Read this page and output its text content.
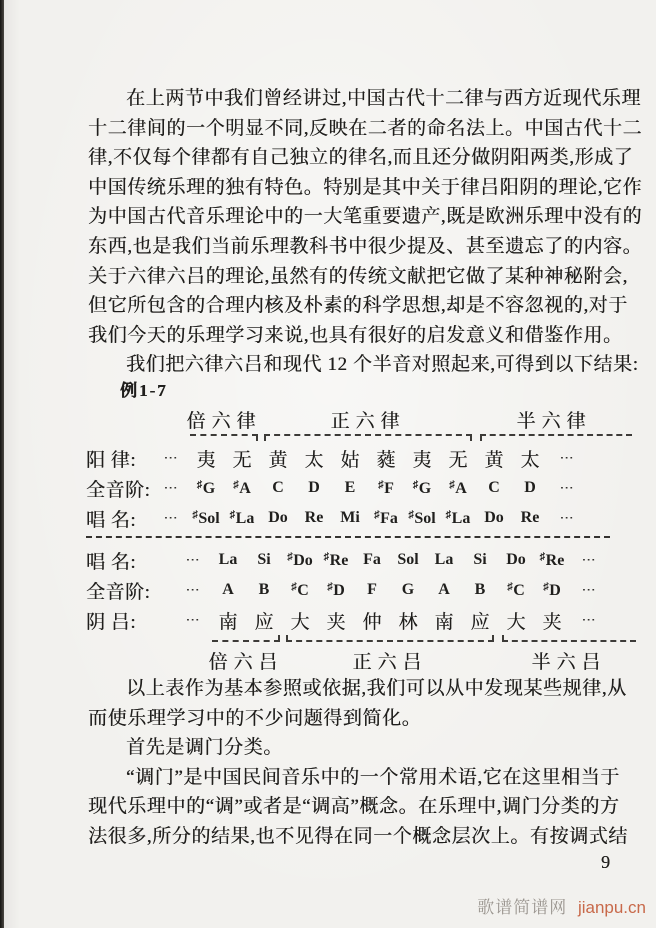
在上两节中我们曾经讲过,中国古代十二律与西方近现代乐理
十二律间的一个明显不同,反映在二者的命名法上。中国古代十二
律,不仅每个律都有自己独立的律名,而且还分做阴阳两类,形成了
中国传统乐理的独有特色。特别是其中关于律吕阳阴的理论,它作
为中国古代音乐理论中的一大笔重要遗产,既是欧洲乐理中没有的
东西,也是我们当前乐理教科书中很少提及、甚至遗忘了的内容。
关于六律六吕的理论,虽然有的传统文献把它做了某种神秘附会,
但它所包含的合理内核及朴素的科学思想,却是不容忽视的,对于
我们今天的乐理学习来说,也具有很好的启发意义和借鉴作用。
我们把六律六吕和现代 12 个半音对照起来,可得到以下结果:
例1-7
倍六律	正六律	半六律
阳 律:	⋯	夷 无 黄 太 姑 蕤 夷 无 黄 太	⋯
全音阶: ⋯	♯G	♯A	C	D	E	♯F	♯G	♯A	C	D	⋯
唱 名:	⋯	♯Sol ♯La Do	Re	Mi	♯Fa ♯Sol ♯La Do	Re	⋯
唱 名:	⋯	La	Si	♯Do ♯Re Fa	Sol La	Si	Do	♯Re	⋯
全音阶:	⋯	A	B	♯C	♯D	F	G	A	B	♯C	♯D	⋯
阴 吕:	⋯	南 应 大 夹 仲 林 南 应 大 夹	⋯
倍六吕	正六吕	半六吕
以上表作为基本参照或依据,我们可以从中发现某些规律,从
而使乐理学习中的不少问题得到简化。
首先是调门分类。
“调门”是中国民间音乐中的一个常用术语,它在这里相当于
现代乐理中的“调”或者是“调高”概念。在乐理中,调门分类的方
法很多,所分的结果,也不见得在同一个概念层次上。有按调式结
9
歌谱简谱网 jianpu.cn
